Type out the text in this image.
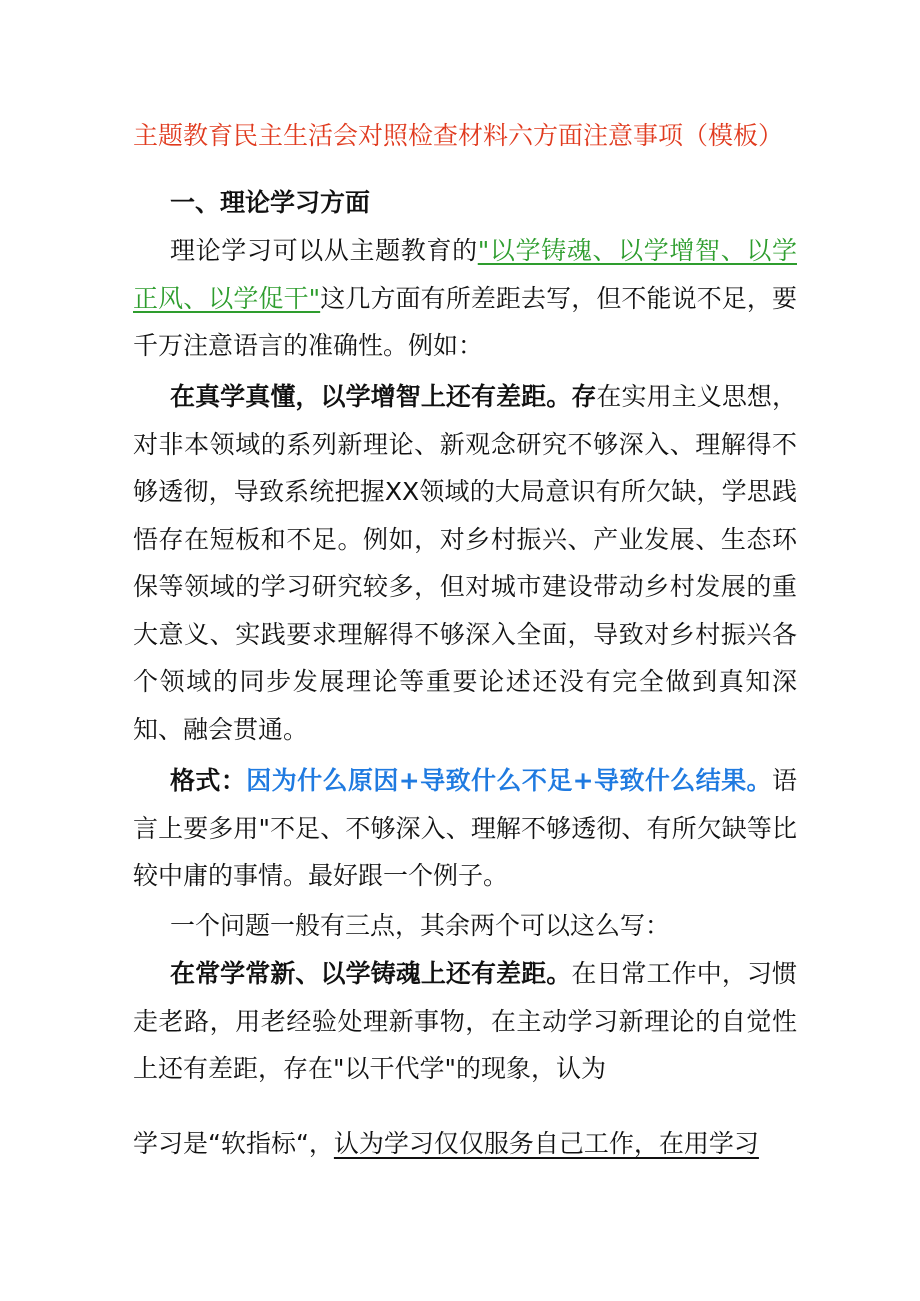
主题教育民主生活会对照检查材料六方面注意事项（模板）
一、理论学习方面
理论学习可以从主题教育的"以学铸魂、以学增智、以学正风、以学促干"这几方面有所差距去写，但不能说不足，要千万注意语言的准确性。例如：
在真学真懂，以学增智上还有差距。存在实用主义思想，对非本领域的系列新理论、新观念研究不够深入、理解得不够透彻，导致系统把握XX领域的大局意识有所欠缺，学思践悟存在短板和不足。例如，对乡村振兴、产业发展、生态环保等领域的学习研究较多，但对城市建设带动乡村发展的重大意义、实践要求理解得不够深入全面，导致对乡村振兴各个领域的同步发展理论等重要论述还没有完全做到真知深知、融会贯通。
格式：因为什么原因+导致什么不足+导致什么结果。语言上要多用"不足、不够深入、理解不够透彻、有所欠缺等比较中庸的事情。最好跟一个例子。
一个问题一般有三点，其余两个可以这么写：
在常学常新、以学铸魂上还有差距。在日常工作中，习惯走老路，用老经验处理新事物，在主动学习新理论的自觉性上还有差距，存在"以干代学"的现象，认为
学习是“软指标“，认为学习仅仅服务自己工作，在用学习
